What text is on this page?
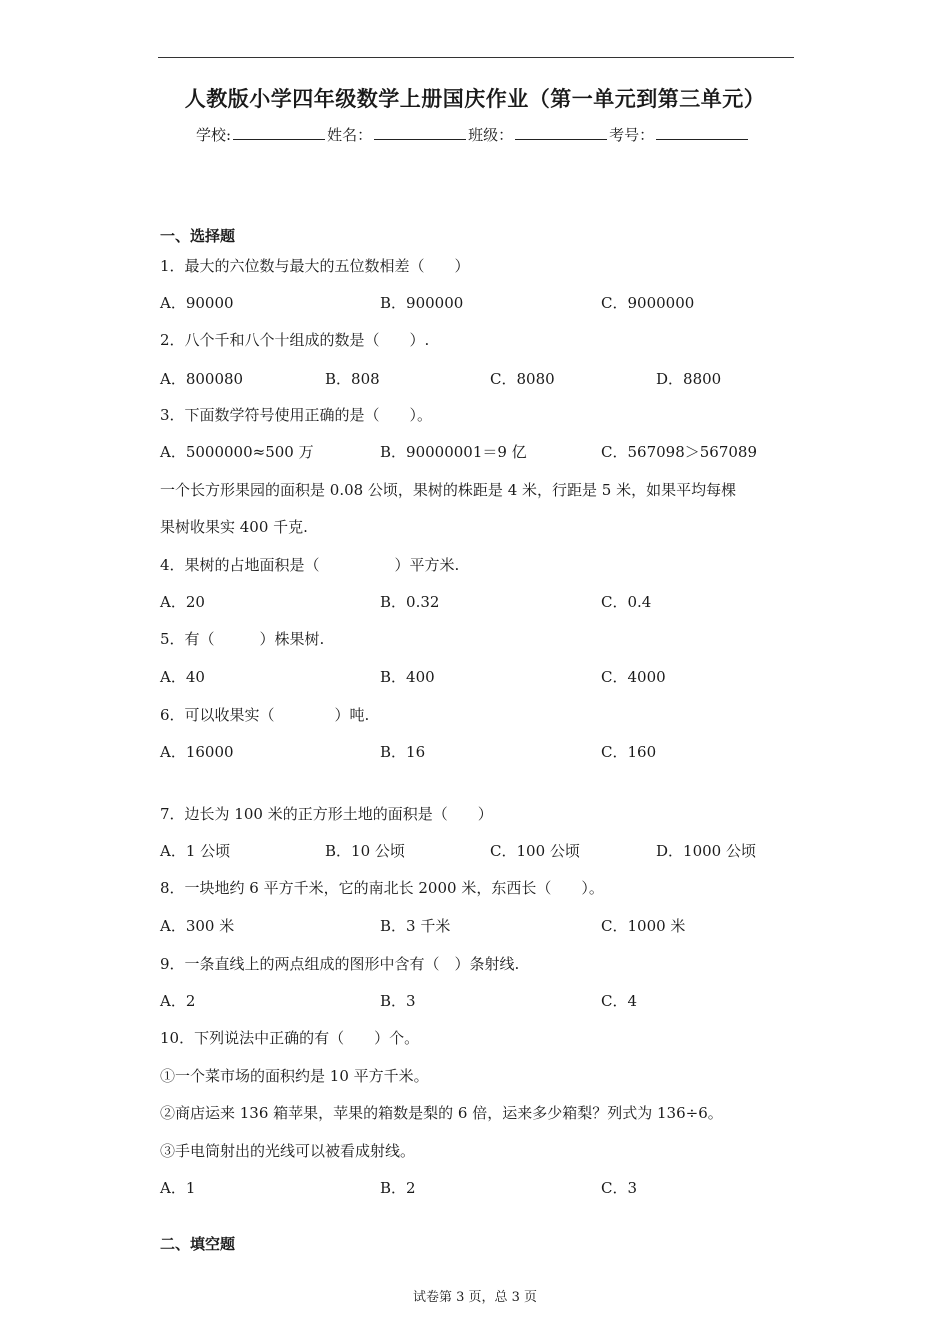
人教版小学四年级数学上册国庆作业（第一单元到第三单元）
学校:	姓名：	班级：	考号：
一、选择题
1．最大的六位数与最大的五位数相差（　　）
A．90000	B．900000	C．9000000
2．八个千和八个十组成的数是（　　）.
A．800080	B．808	C．8080	D．8800
3．下面数学符号使用正确的是（　　）。
A．5000000≈500 万	B．90000001＝9 亿	C．567098＞567089
一个长方形果园的面积是 0.08 公顷，果树的株距是 4 米，行距是 5 米，如果平均每棵
果树收果实 400 千克.
4．果树的占地面积是（　　　　　）平方米.
A．20	B．0.32	C．0.4
5．有（　　　）株果树.
A．40	B．400	C．4000
6．可以收果实（　　　　）吨.
A．16000	B．16	C．160
7．边长为 100 米的正方形土地的面积是（　　）
A．1 公顷	B．10 公顷	C．100 公顷	D．1000 公顷
8．一块地约 6 平方千米，它的南北长 2000 米，东西长（　　）。
A．300 米	B．3 千米	C．1000 米
9．一条直线上的两点组成的图形中含有（　）条射线.
A．2	B．3	C．4
10．下列说法中正确的有（　　）个。
①一个菜市场的面积约是 10 平方千米。
②商店运来 136 箱苹果，苹果的箱数是梨的 6 倍，运来多少箱梨？列式为 136÷6。
③手电筒射出的光线可以被看成射线。
A．1	B．2	C．3
二、填空题
试卷第 3 页，总 3 页
